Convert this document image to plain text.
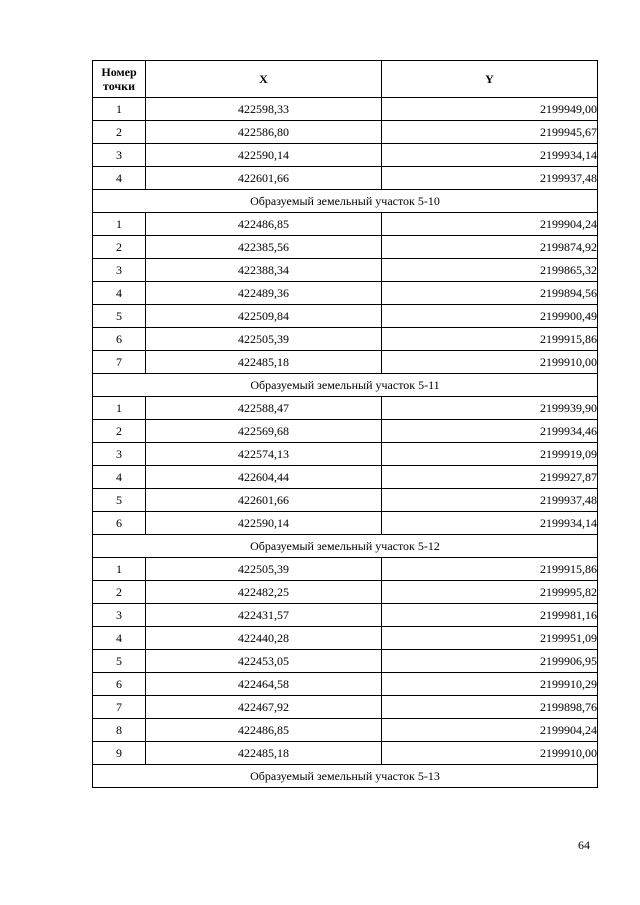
Номер
точки	X	Y
1	422598,33	2199949,00
2	422586,80	2199945,67
3	422590,14	2199934,14
4	422601,66	2199937,48
Образуемый земельный участок 5-10		
1	422486,85	2199904,24
2	422385,56	2199874,92
3	422388,34	2199865,32
4	422489,36	2199894,56
5	422509,84	2199900,49
6	422505,39	2199915,86
7	422485,18	2199910,00
Образуемый земельный участок 5-11		
1	422588,47	2199939,90
2	422569,68	2199934,46
3	422574,13	2199919,09
4	422604,44	2199927,87
5	422601,66	2199937,48
6	422590,14	2199934,14
Образуемый земельный участок 5-12		
1	422505,39	2199915,86
2	422482,25	2199995,82
3	422431,57	2199981,16
4	422440,28	2199951,09
5	422453,05	2199906,95
6	422464,58	2199910,29
7	422467,92	2199898,76
8	422486,85	2199904,24
9	422485,18	2199910,00
Образуемый земельный участок 5-13		
64
